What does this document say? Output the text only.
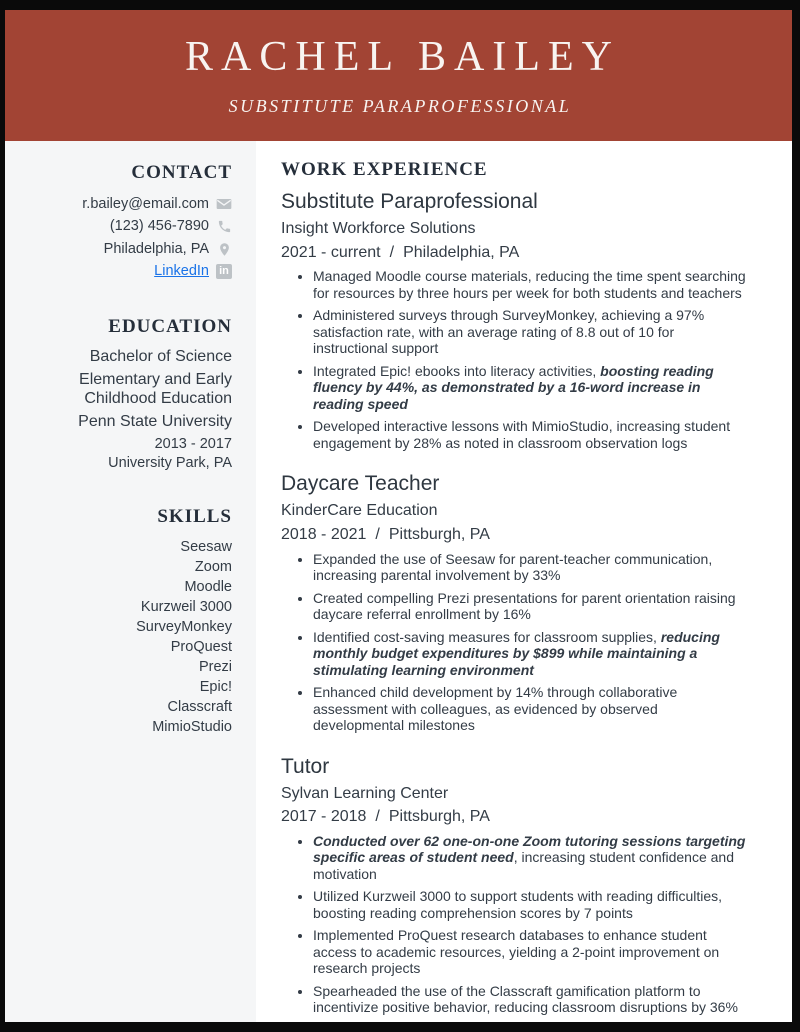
RACHEL BAILEY
SUBSTITUTE PARAPROFESSIONAL
CONTACT
r.bailey@email.com
(123) 456-7890
Philadelphia, PA
LinkedIn in
EDUCATION
Bachelor of Science
Elementary and Early Childhood Education
Penn State University
2013 - 2017
University Park, PA
SKILLS
Seesaw
Zoom
Moodle
Kurzweil 3000
SurveyMonkey
ProQuest
Prezi
Epic!
Classcraft
MimioStudio
WORK EXPERIENCE
Substitute Paraprofessional
Insight Workforce Solutions
2021 - current / Philadelphia, PA
• Managed Moodle course materials, reducing the time spent searching for resources by three hours per week for both students and teachers
• Administered surveys through SurveyMonkey, achieving a 97% satisfaction rate, with an average rating of 8.8 out of 10 for instructional support
• Integrated Epic! ebooks into literacy activities, boosting reading fluency by 44%, as demonstrated by a 16-word increase in reading speed
• Developed interactive lessons with MimioStudio, increasing student engagement by 28% as noted in classroom observation logs
Daycare Teacher
KinderCare Education
2018 - 2021 / Pittsburgh, PA
• Expanded the use of Seesaw for parent-teacher communication, increasing parental involvement by 33%
• Created compelling Prezi presentations for parent orientation raising daycare referral enrollment by 16%
• Identified cost-saving measures for classroom supplies, reducing monthly budget expenditures by $899 while maintaining a stimulating learning environment
• Enhanced child development by 14% through collaborative assessment with colleagues, as evidenced by observed developmental milestones
Tutor
Sylvan Learning Center
2017 - 2018 / Pittsburgh, PA
• Conducted over 62 one-on-one Zoom tutoring sessions targeting specific areas of student need, increasing student confidence and motivation
• Utilized Kurzweil 3000 to support students with reading difficulties, boosting reading comprehension scores by 7 points
• Implemented ProQuest research databases to enhance student access to academic resources, yielding a 2-point improvement on research projects
• Spearheaded the use of the Classcraft gamification platform to incentivize positive behavior, reducing classroom disruptions by 36%
